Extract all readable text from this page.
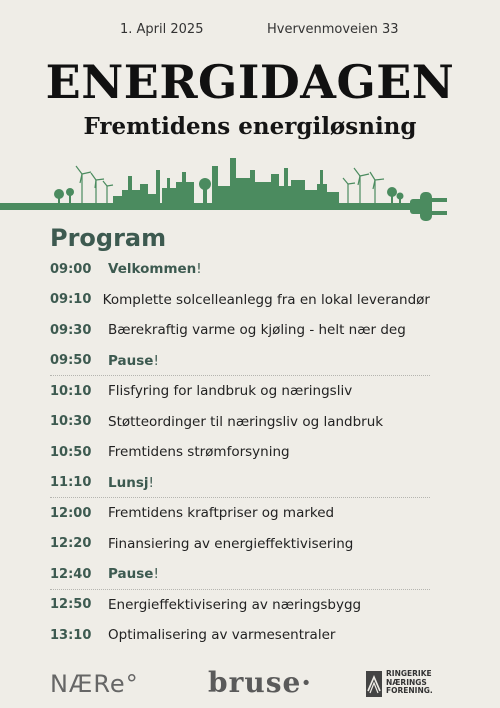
1. April 2025	Hvervenmoveien 33
ENERGIDAGEN
Fremtidens energiløsning
Program
09:00	Velkommen!
09:10 Komplette solcelleanlegg fra en lokal leverandør
09:30	Bærekraftig varme og kjøling - helt nær deg
09:50	Pause!
10:10	Flisfyring for landbruk og næringsliv
10:30	Støtteordinger til næringsliv og landbruk
10:50	Fremtidens strømforsyning
11:10	Lunsj!
12:00	Fremtidens kraftpriser og marked
12:20	Finansiering av energieffektivisering
12:40	Pause!
12:50	Energieffektivisering av næringsbygg
13:10	Optimalisering av varmesentraler
NÆRe° bruse·	RINGERIKE
NÆRINGS
FORENING.
